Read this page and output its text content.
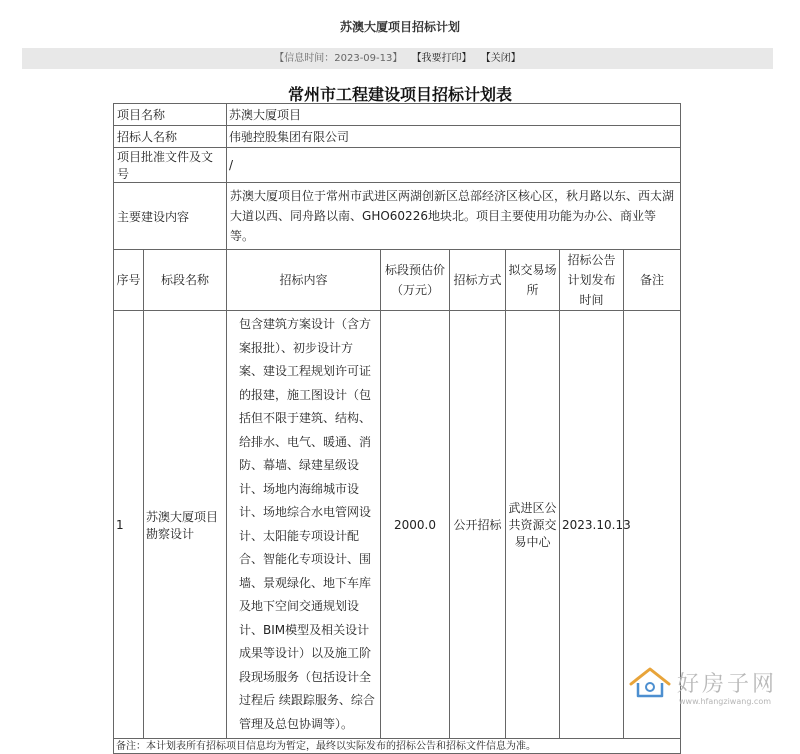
苏澳大厦项目招标计划
【信息时间：2023-09-13】 【我要打印】 【关闭】
常州市工程建设项目招标计划表
项目名称		苏澳大厦项目					
招标人名称		伟驰控股集团有限公司					
项目批准文件及文号		/					
主要建设内容		苏澳大厦项目位于常州市武进区两湖创新区总部经济区核心区，秋月路以东、西太湖大道以西、同舟路以南、GHO60226地块北。项目主要使用功能为办公、商业等等。					
序号	标段名称	招标内容	标段预估价（万元）	招标方式	拟交易场所	招标公告计划发布时间	备注
1	苏澳大厦项目勘察设计	包含建筑方案设计（含方案报批）、初步设计方案、建设工程规划许可证的报建，施工图设计（包括但不限于建筑、结构、给排水、电气、暖通、消防、幕墙、绿建星级设计、场地内海绵城市设计、场地综合水电管网设计、太阳能专项设计配合、智能化专项设计、围墙、景观绿化、地下车库及地下空间交通规划设计、BIM模型及相关设计成果等设计）以及施工阶段现场服务（包括设计全过程后 续跟踪服务、综合管理及总包协调等）。	2000.0	公开招标	武进区公共资源交易中心	2023.10.13	
备注：本计划表所有招标项目信息均为暂定，最终以实际发布的招标公告和招标文件信息为准。							
好房子网
www.hfangziwang.com
